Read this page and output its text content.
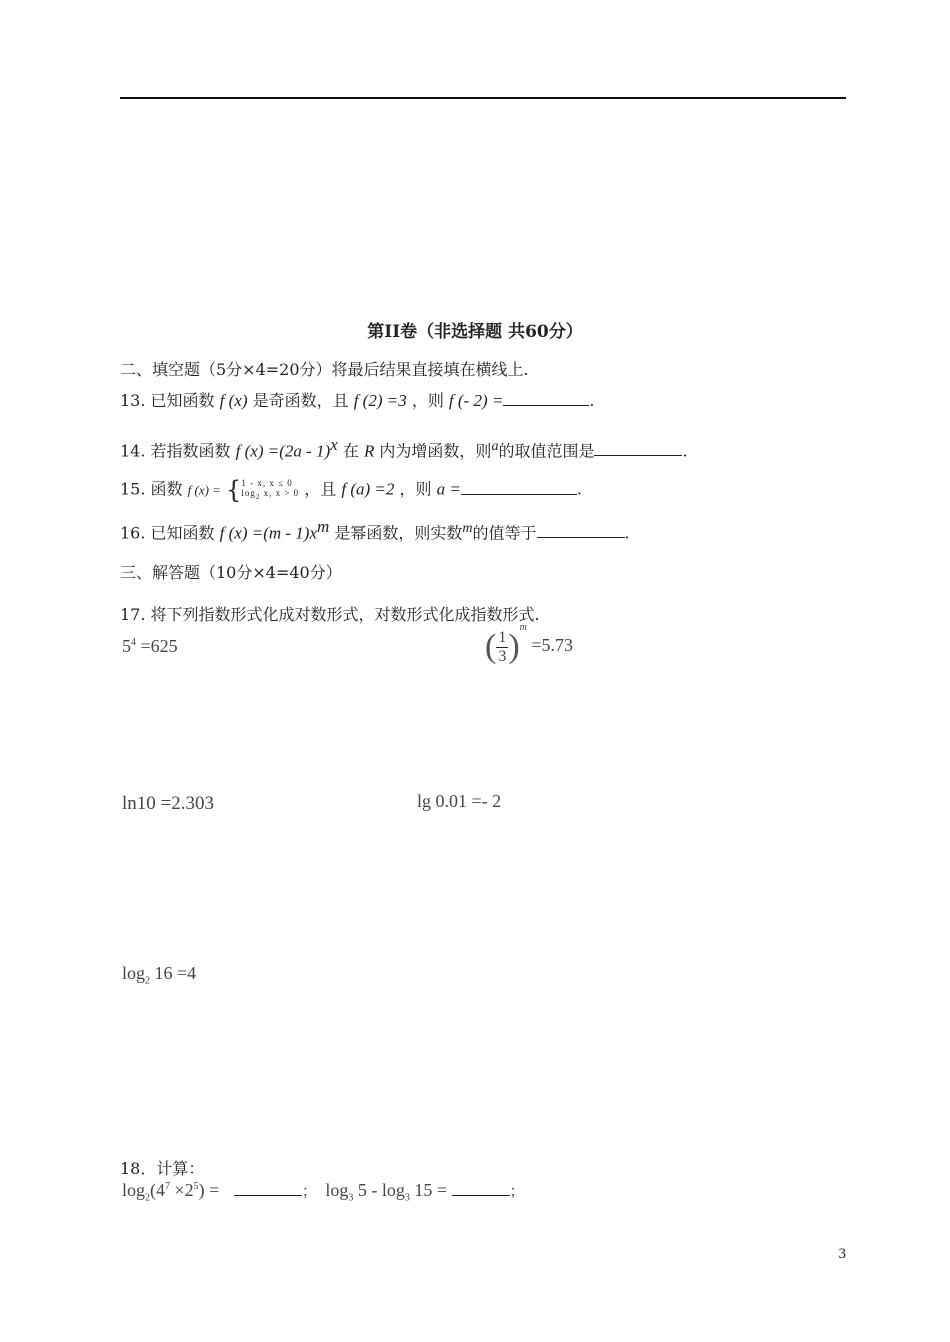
第II卷（非选择题 共60分）
二、填空题（5分×4=20分）将最后结果直接填在横线上.
13. 已知函数 f (x) 是奇函数，且 f (2) =3 ，则 f (- 2) =	.
14. 若指数函数 f (x) =(2a - 1)$^x$ 在 R 内为增函数，则$^a$的取值范围是	.
15. 函数 f (x) = { 1 - x, x ≤ 0
$\log_2 x$, x > 0 ，且 f (a) =2 ，则 a =	.
16. 已知函数 f $(x) =(m - 1)x^m$ 是幂函数，则实数$^m$的值等于	.
三、解答题（10分×4=40分）
17. 将下列指数形式化成对数形式，对数形式化成指数形式.
$5^4 =625$	( $\frac{1}{3} )^m =5.73$
ln10 =2.303	lg 0.01 =- 2
$\log_2 16 =4$
18．计算：
$\log_2(4^7 \times 2^5)$ =	； $\log_3 5 - \log_3 15$ =	；
3
